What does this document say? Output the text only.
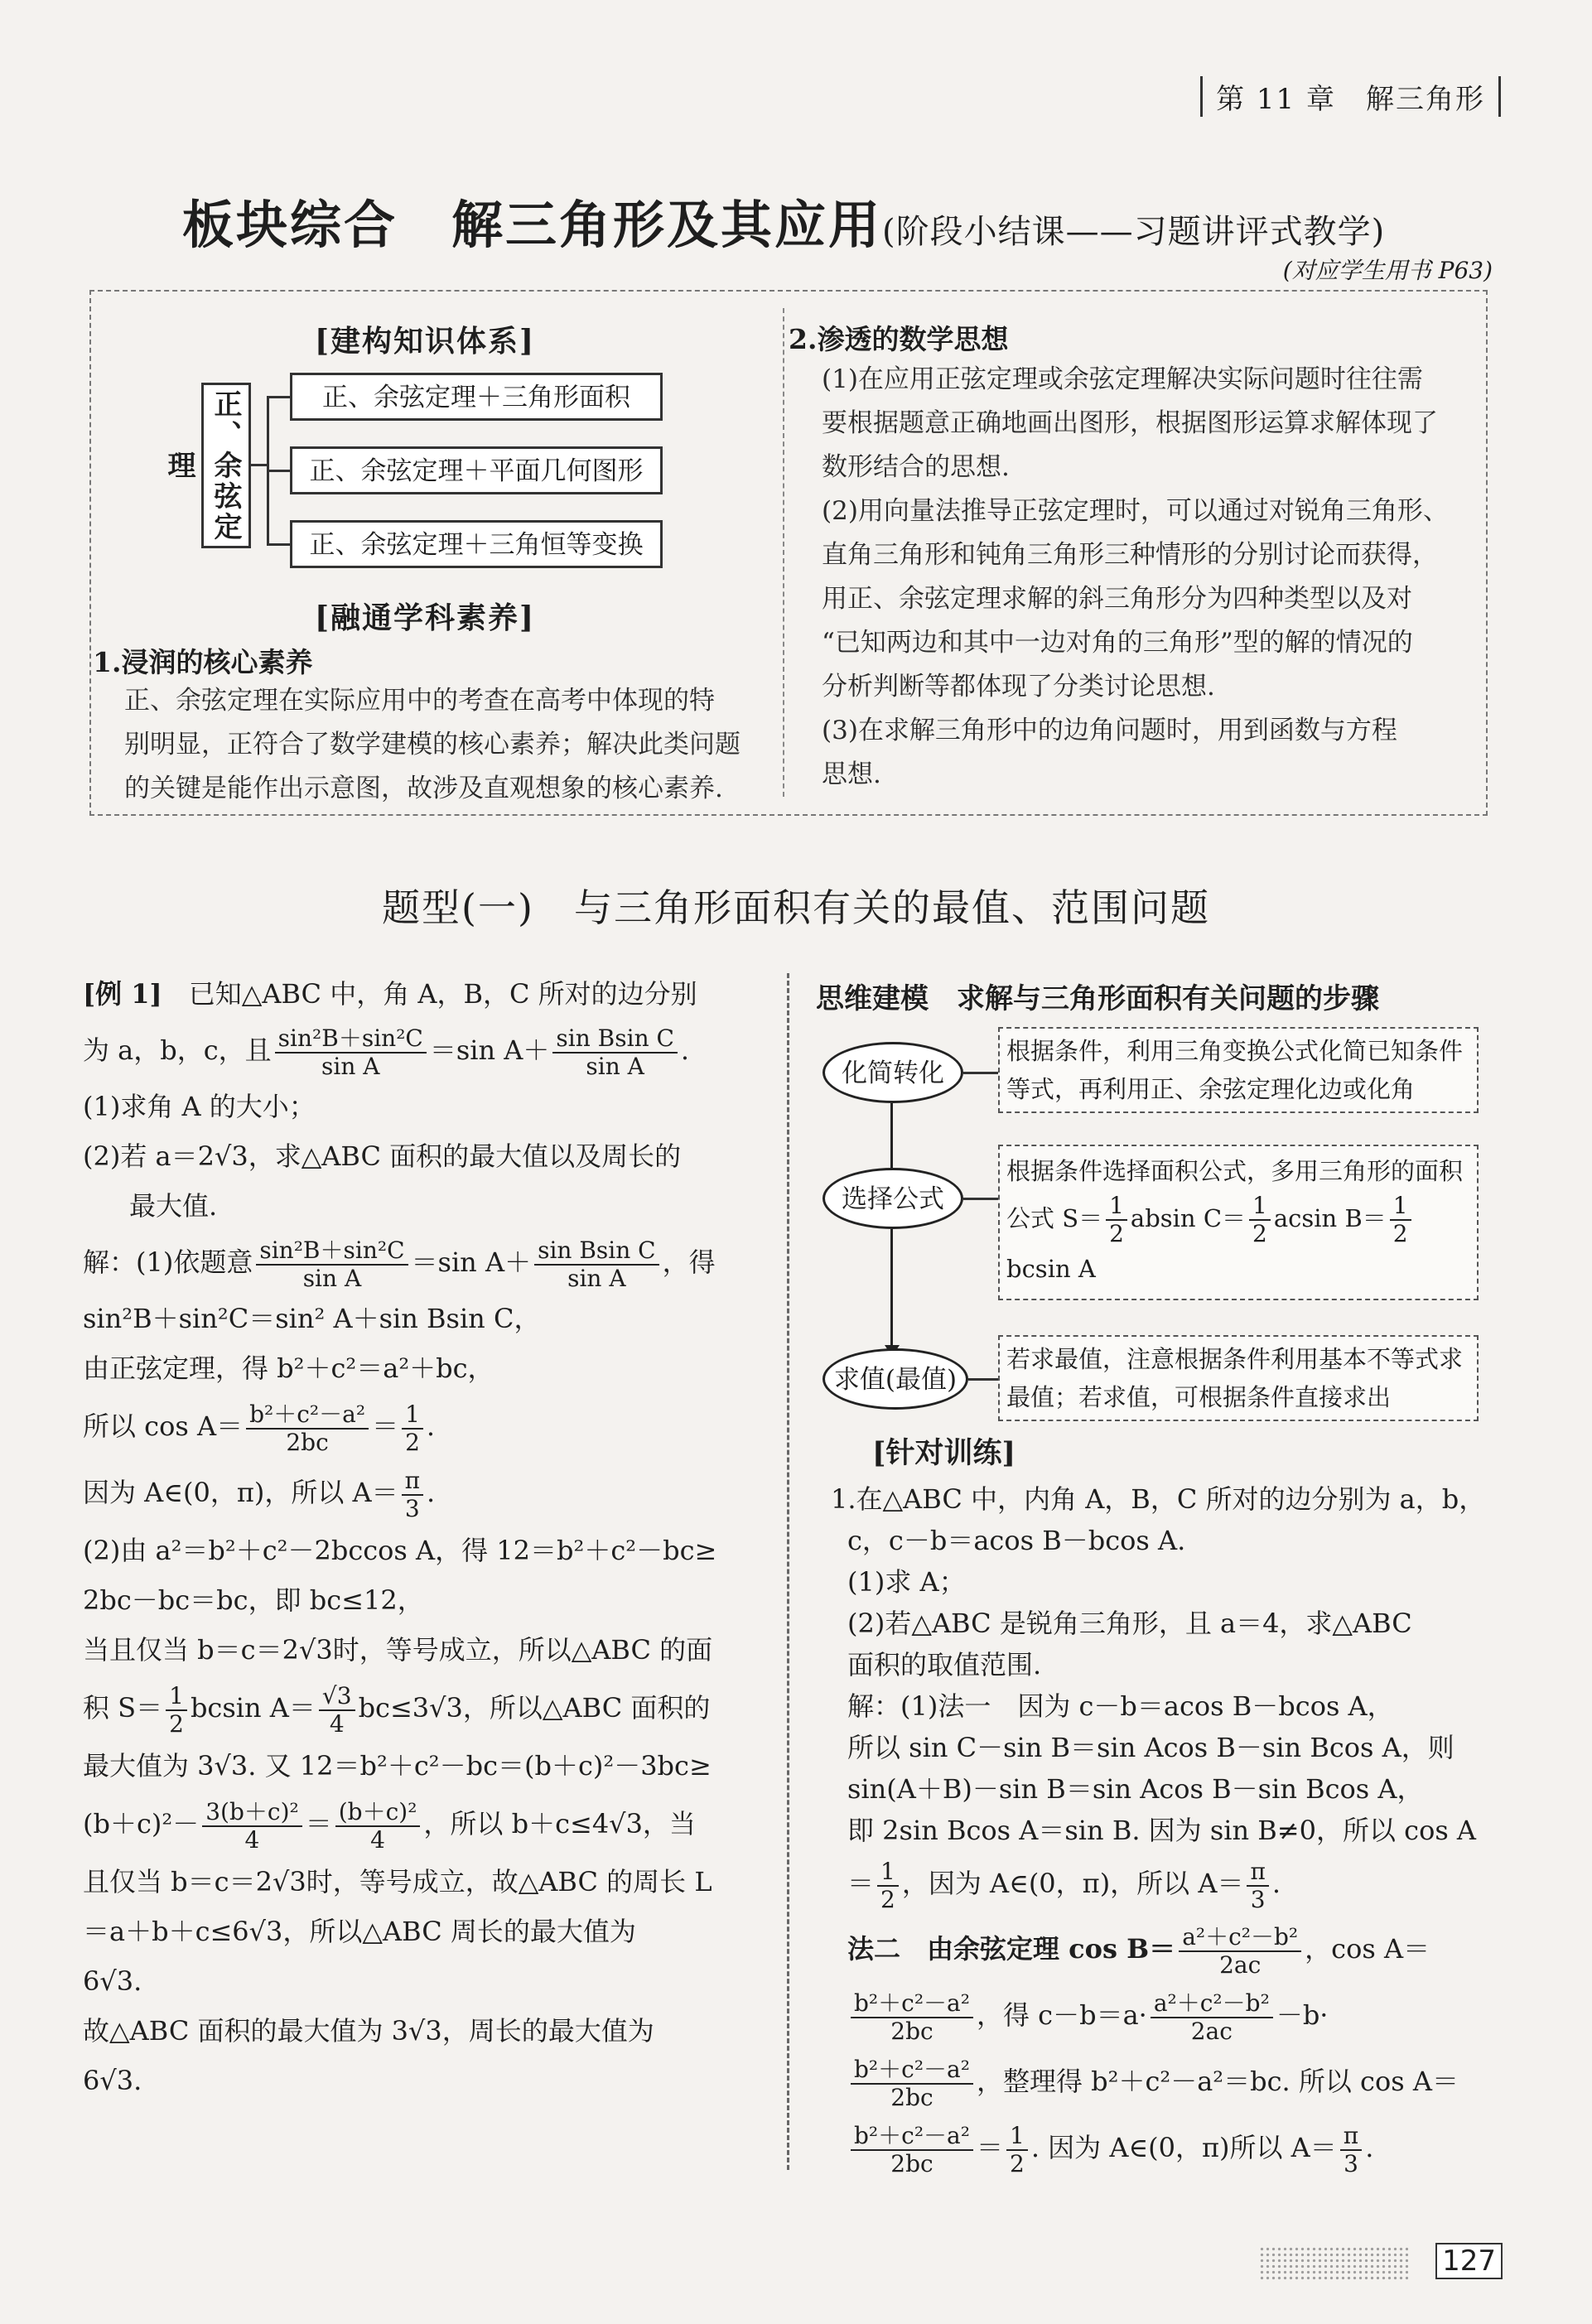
第 11 章　解三角形
板块综合　解三角形及其应用(阶段小结课——习题讲评式教学)
(对应学生用书 P63)
[建构知识体系]
正、余弦定理
正、余弦定理＋三角形面积
正、余弦定理＋平面几何图形
正、余弦定理＋三角恒等变换
[融通学科素养]
1.浸润的核心素养
正、余弦定理在实际应用中的考查在高考中体现的特
别明显，正符合了数学建模的核心素养；解决此类问题
的关键是能作出示意图，故涉及直观想象的核心素养.
2.渗透的数学思想
(1)在应用正弦定理或余弦定理解决实际问题时往往需
要根据题意正确地画出图形，根据图形运算求解体现了
数形结合的思想.
(2)用向量法推导正弦定理时，可以通过对锐角三角形、
直角三角形和钝角三角形三种情形的分别讨论而获得，
用正、余弦定理求解的斜三角形分为四种类型以及对
“已知两边和其中一边对角的三角形”型的解的情况的
分析判断等都体现了分类讨论思想.
(3)在求解三角形中的边角问题时，用到函数与方程
思想.
题型(一)　与三角形面积有关的最值、范围问题
[例 1]　 已知△ABC 中，角 A，B，C 所对的边分别
为 a，b，c，且 $\frac{\text{sin²B＋sin²C}}{\text{sin A}} =\sin$ $A+ \frac{\text{sin Bsin C}}{\text{sin A}}$ .
(1)求角 A 的大小；
(2)若 a＝2√3，求△ABC 面积的最大值以及周长的
最大值.
解：(1)依题意 $\frac{\text{sin²B＋sin²C}}{\text{sin A}} =\sin$ $A+ \frac{\text{sin Bsin C}}{\text{sin A}}$ ，得
sin²B＋sin²C＝sin² A＋sin Bsin C，
由正弦定理，得 b²＋c²＝a²＋bc，
所以 $\cos A= \frac{\text{b²＋c²－a²}}{2bc} = \frac{1}{2}$ .
因为 A∈(0，π)，所以 $A= \frac{\pi}{3}$ .
(2)由 a²＝b²＋c²－2bccos A，得 12＝b²＋c²－bc≥
2bc－bc＝bc，即 bc≤12，
当且仅当 b＝c＝2√3时，等号成立，所以△ABC 的面
积 $S= \frac{1}{2}$ bcsin $A= \frac{√3}{4} bc\le 3√3$，所以△ABC 面积的
最大值为 3√3. 又 12＝b²＋c²－bc＝(b＋c)²－3bc≥
$(b+c)^2- \frac{\text{3(b＋c)²}}{4} = \frac{\text{(b＋c)²}}{4}$ ，所以 b＋c≤4√3，当
且仅当 b＝c＝2√3时，等号成立，故△ABC 的周长 L
＝a＋b＋c≤6√3，所以△ABC 周长的最大值为
6√3.
故△ABC 面积的最大值为 3√3，周长的最大值为
6√3.
思维建模　求解与三角形面积有关问题的步骤
化简转化
根据条件，利用三角变换公式化简已知条件等式，再利用正、余弦定理化边或化角
选择公式
根据条件选择面积公式，多用三角形的面积公式 $S= \frac{1}{2}$ absin $C= \frac{1}{2}$ acsin $B= \frac{1}{2}$
bcsin A
求值(最值)
若求最值，注意根据条件利用基本不等式求最值；若求值，可根据条件直接求出
[针对训练]
1.在△ABC 中，内角 A，B，C 所对的边分别为 a，b，
c，c－b＝acos B－bcos A.
(1)求 A；
(2)若△ABC 是锐角三角形，且 a＝4，求△ABC
面积的取值范围.
解：(1)法一　因为 c－b＝acos B－bcos A，
所以 sin C－sin B＝sin Acos B－sin Bcos A，则
sin(A＋B)－sin B＝sin Acos B－sin Bcos A，
即 2sin Bcos A＝sin B. 因为 sin B≠0，所以 cos A
＝ $\frac{1}{2}$ ，因为 A∈(0，π)，所以 $A= \frac{\pi}{3}$ .
法二　由余弦定理 $\cos B= \frac{\text{a²＋c²－b²}}{2ac}$ ，cos A＝
$\frac{\text{b²＋c²－a²}}{2bc}$ ，得 $c-b=a\cdot \frac{\text{a²＋c²－b²}}{2ac} -b\cdot$
$\frac{\text{b²＋c²－a²}}{2bc}$ ，整理得 b²＋c²－a²＝bc. 所以 cos A＝
$\frac{\text{b²＋c²－a²}}{2bc} = \frac{1}{2}$ . 因为 A∈(0，π)所以 $A= \frac{\pi}{3}$ .
127
